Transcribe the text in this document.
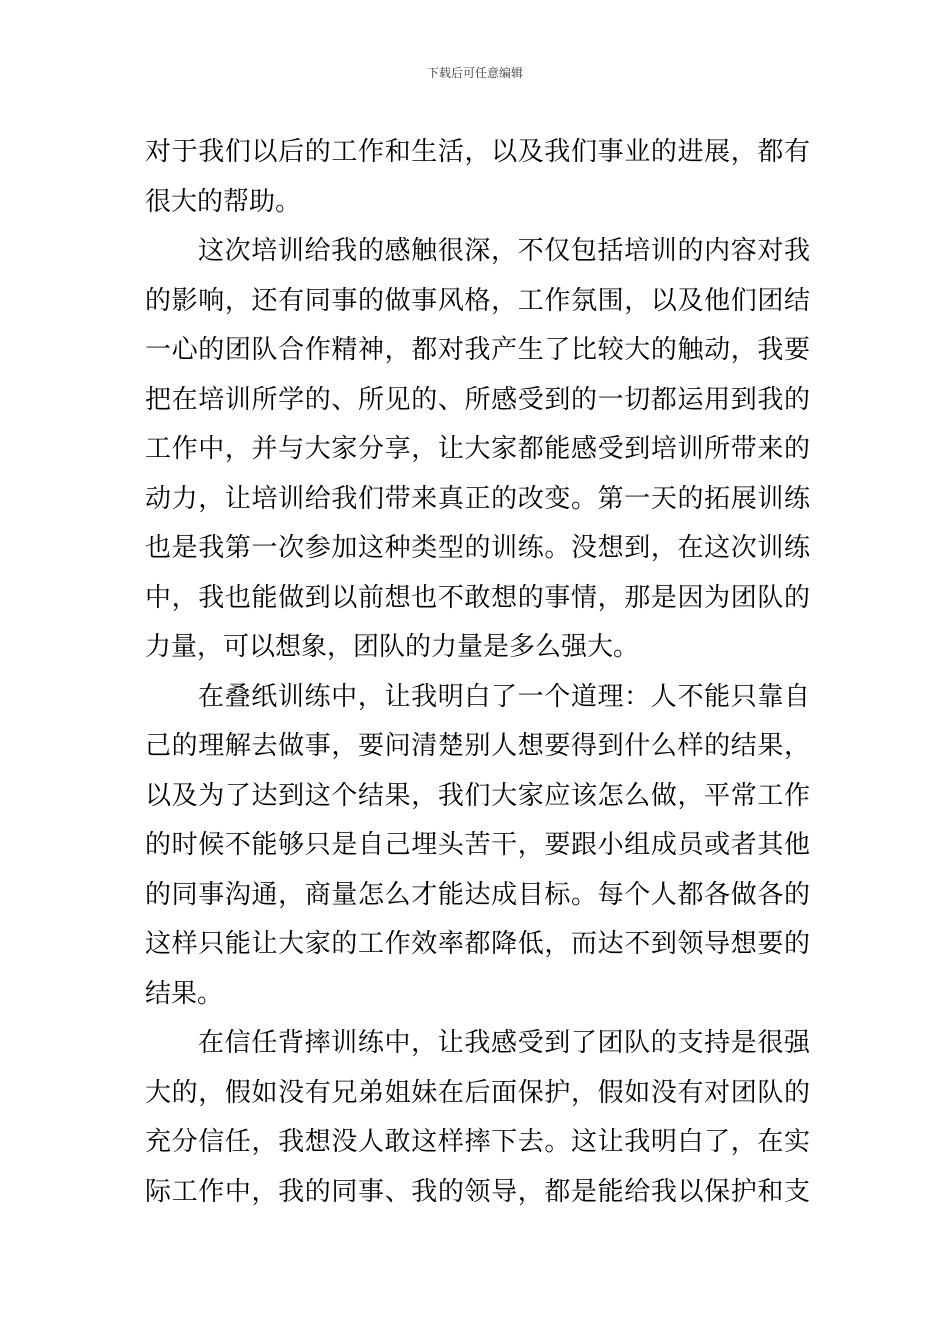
下载后可任意编辑
对于我们以后的工作和生活，以及我们事业的进展，都有
很大的帮助。
这次培训给我的感触很深，不仅包括培训的内容对我
的影响，还有同事的做事风格，工作氛围，以及他们团结
一心的团队合作精神，都对我产生了比较大的触动，我要
把在培训所学的、所见的、所感受到的一切都运用到我的
工作中，并与大家分享，让大家都能感受到培训所带来的
动力，让培训给我们带来真正的改变。第一天的拓展训练
也是我第一次参加这种类型的训练。没想到，在这次训练
中，我也能做到以前想也不敢想的事情，那是因为团队的
力量，可以想象，团队的力量是多么强大。
在叠纸训练中，让我明白了一个道理：人不能只靠自
己的理解去做事，要问清楚别人想要得到什么样的结果，
以及为了达到这个结果，我们大家应该怎么做，平常工作
的时候不能够只是自己埋头苦干，要跟小组成员或者其他
的同事沟通，商量怎么才能达成目标。每个人都各做各的
这样只能让大家的工作效率都降低，而达不到领导想要的
结果。
在信任背摔训练中，让我感受到了团队的支持是很强
大的，假如没有兄弟姐妹在后面保护，假如没有对团队的
充分信任，我想没人敢这样摔下去。这让我明白了，在实
际工作中，我的同事、我的领导，都是能给我以保护和支
